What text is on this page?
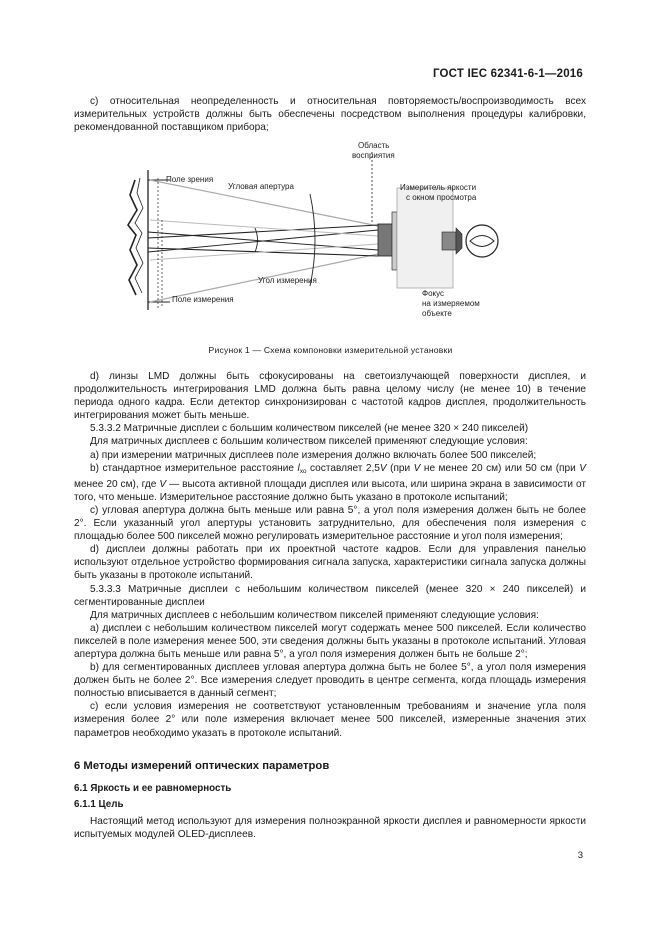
ГОСТ IEC 62341-6-1—2016

c) относительная неопределенность и относительная повторяемость/воспроизводимость всех измерительных устройств должны быть обеспечены посредством выполнения процедуры калибровки, рекомендованной поставщиком прибора;

Область
восприятия
Поле зрения
Угловая апертура	Измеритель яркости
с окном просмотра
Угол измерения
Поле измерения
Фокус
на измеряемом
объекте
Рисунок 1 — Схема компоновки измерительной установки

d) линзы LMD должны быть сфокусированы на светоизлучающей поверхности дисплея, и продолжительность интегрирования LMD должна быть равна целому числу (не менее 10) в течение периода одного кадра. Если детектор синхронизирован с частотой кадров дисплея, продолжительность интегрирования может быть меньше.

5.3.3.2 Матричные дисплеи с большим количеством пикселей (не менее 320 × 240 пикселей)

Для матричных дисплеев с большим количеством пикселей применяют следующие условия:

a) при измерении матричных дисплеев поле измерения должно включать более 500 пикселей;

b) стандартное измерительное расстояние $l_{хо}$ составляет 2,5V (при V не менее 20 см) или 50 см (при V менее 20 см), где V — высота активной площади дисплея или высота, или ширина экрана в зависимости от того, что меньше. Измерительное расстояние должно быть указано в протоколе испытаний;

c) угловая апертура должна быть меньше или равна 5°, а угол поля измерения должен быть не более 2°. Если указанный угол апертуры установить затруднительно, для обеспечения поля измерения с площадью более 500 пикселей можно регулировать измерительное расстояние и угол поля измерения;

d) дисплеи должны работать при их проектной частоте кадров. Если для управления панелью используют отдельное устройство формирования сигнала запуска, характеристики сигнала запуска должны быть указаны в протоколе испытаний.

5.3.3.3 Матричные дисплеи с небольшим количеством пикселей (менее 320 × 240 пикселей) и сегментированные дисплеи

Для матричных дисплеев с небольшим количеством пикселей применяют следующие условия:

a) дисплеи с небольшим количеством пикселей могут содержать менее 500 пикселей. Если количество пикселей в поле измерения менее 500, эти сведения должны быть указаны в протоколе испытаний. Угловая апертура должна быть меньше или равна 5°, а угол поля измерения должен быть не больше 2°;

b) для сегментированных дисплеев угловая апертура должна быть не более 5°, а угол поля измерения должен быть не более 2°. Все измерения следует проводить в центре сегмента, когда площадь измерения полностью вписывается в данный сегмент;

c) если условия измерения не соответствуют установленным требованиям и значение угла поля измерения более 2° или поле измерения включает менее 500 пикселей, измеренные значения этих параметров необходимо указать в протоколе испытаний.

6 Методы измерений оптических параметров
6.1 Яркость и ее равномерность
6.1.1 Цель

Настоящий метод используют для измерения полноэкранной яркости дисплея и равномерности яркости испытуемых модулей OLED-дисплеев.

3
